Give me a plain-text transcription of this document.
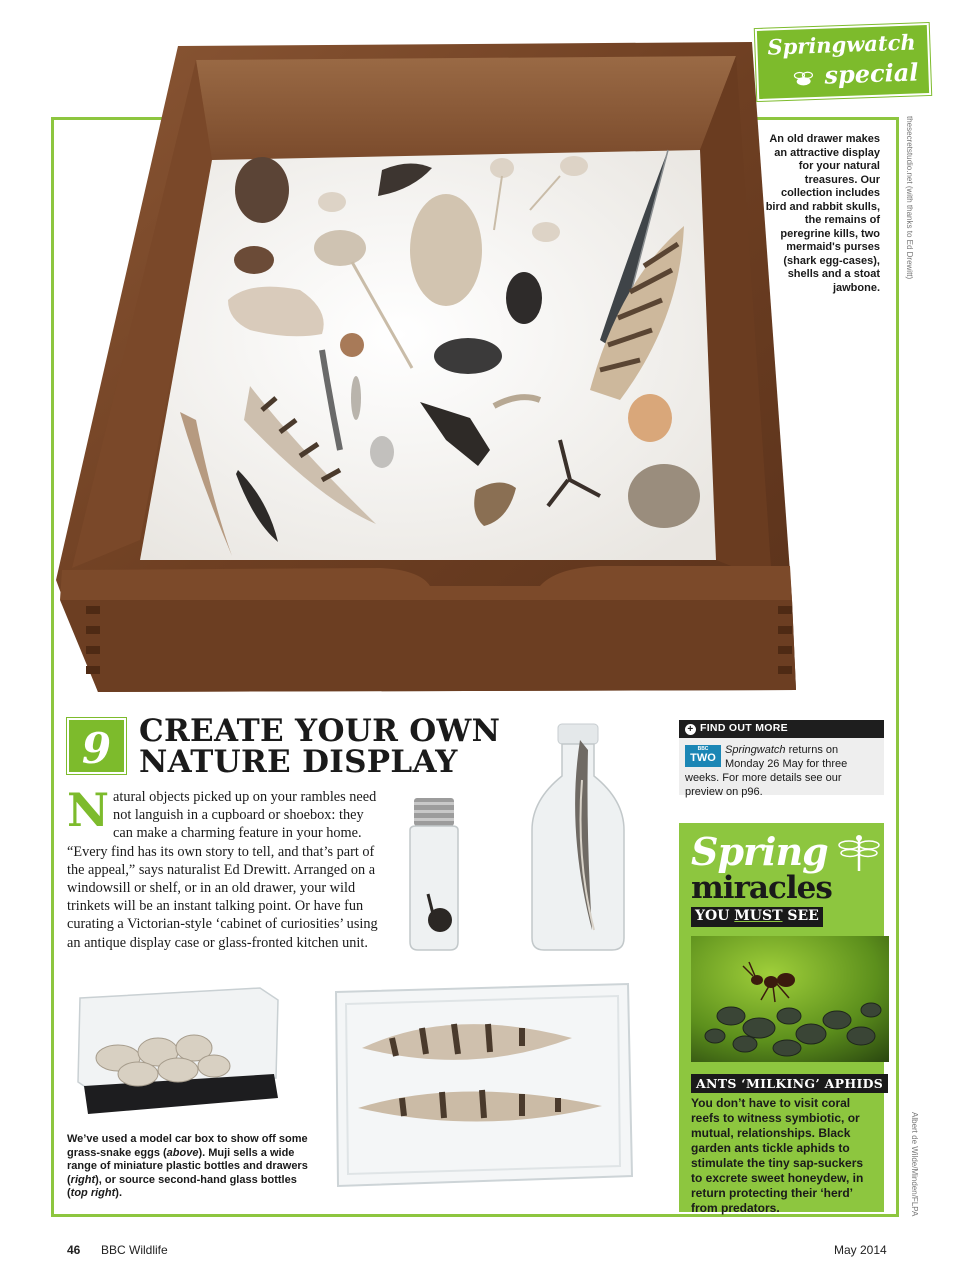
Springwatch
special
thesecretstudio.net (with thanks to Ed Drewitt)
An old drawer makes an attractive display for your natural treasures. Our collection includes bird and rabbit skulls, the remains of peregrine kills, two mermaid's purses (shark egg-cases), shells and a stoat jawbone.
9 CREATE YOUR OWN
NATURE DISPLAY
Natural objects picked up on your rambles need not languish in a cupboard or shoebox: they can make a charming feature in your home. “Every find has its own story to tell, and that’s part of the appeal,” says naturalist Ed Drewitt. Arranged on a windowsill or shelf, or in an old drawer, your wild trinkets will be an instant talking point. Or have fun curating a Victorian-style ‘cabinet of curiosities’ using an antique display case or glass-fronted kitchen unit.
We’ve used a model car box to show off some grass-snake eggs (above). Muji sells a wide range of miniature plastic bottles and drawers (right), or source second-hand glass bottles (top right).
+ FIND OUT MORE
BBC
TWO
Springwatch returns on Monday 26 May for three weeks. For more details see our preview on p96.
Spring
miracles
YOU MUST SEE
ANTS ‘MILKING’ APHIDS
You don’t have to visit coral reefs to witness symbiotic, or mutual, relationships. Black garden ants tickle aphids to stimulate the tiny sap-suckers to excrete sweet honeydew, in return protecting their ‘herd’ from predators.	Albert de Wilde/Minden/FLPA
46 BBC Wildlife	May 2014
